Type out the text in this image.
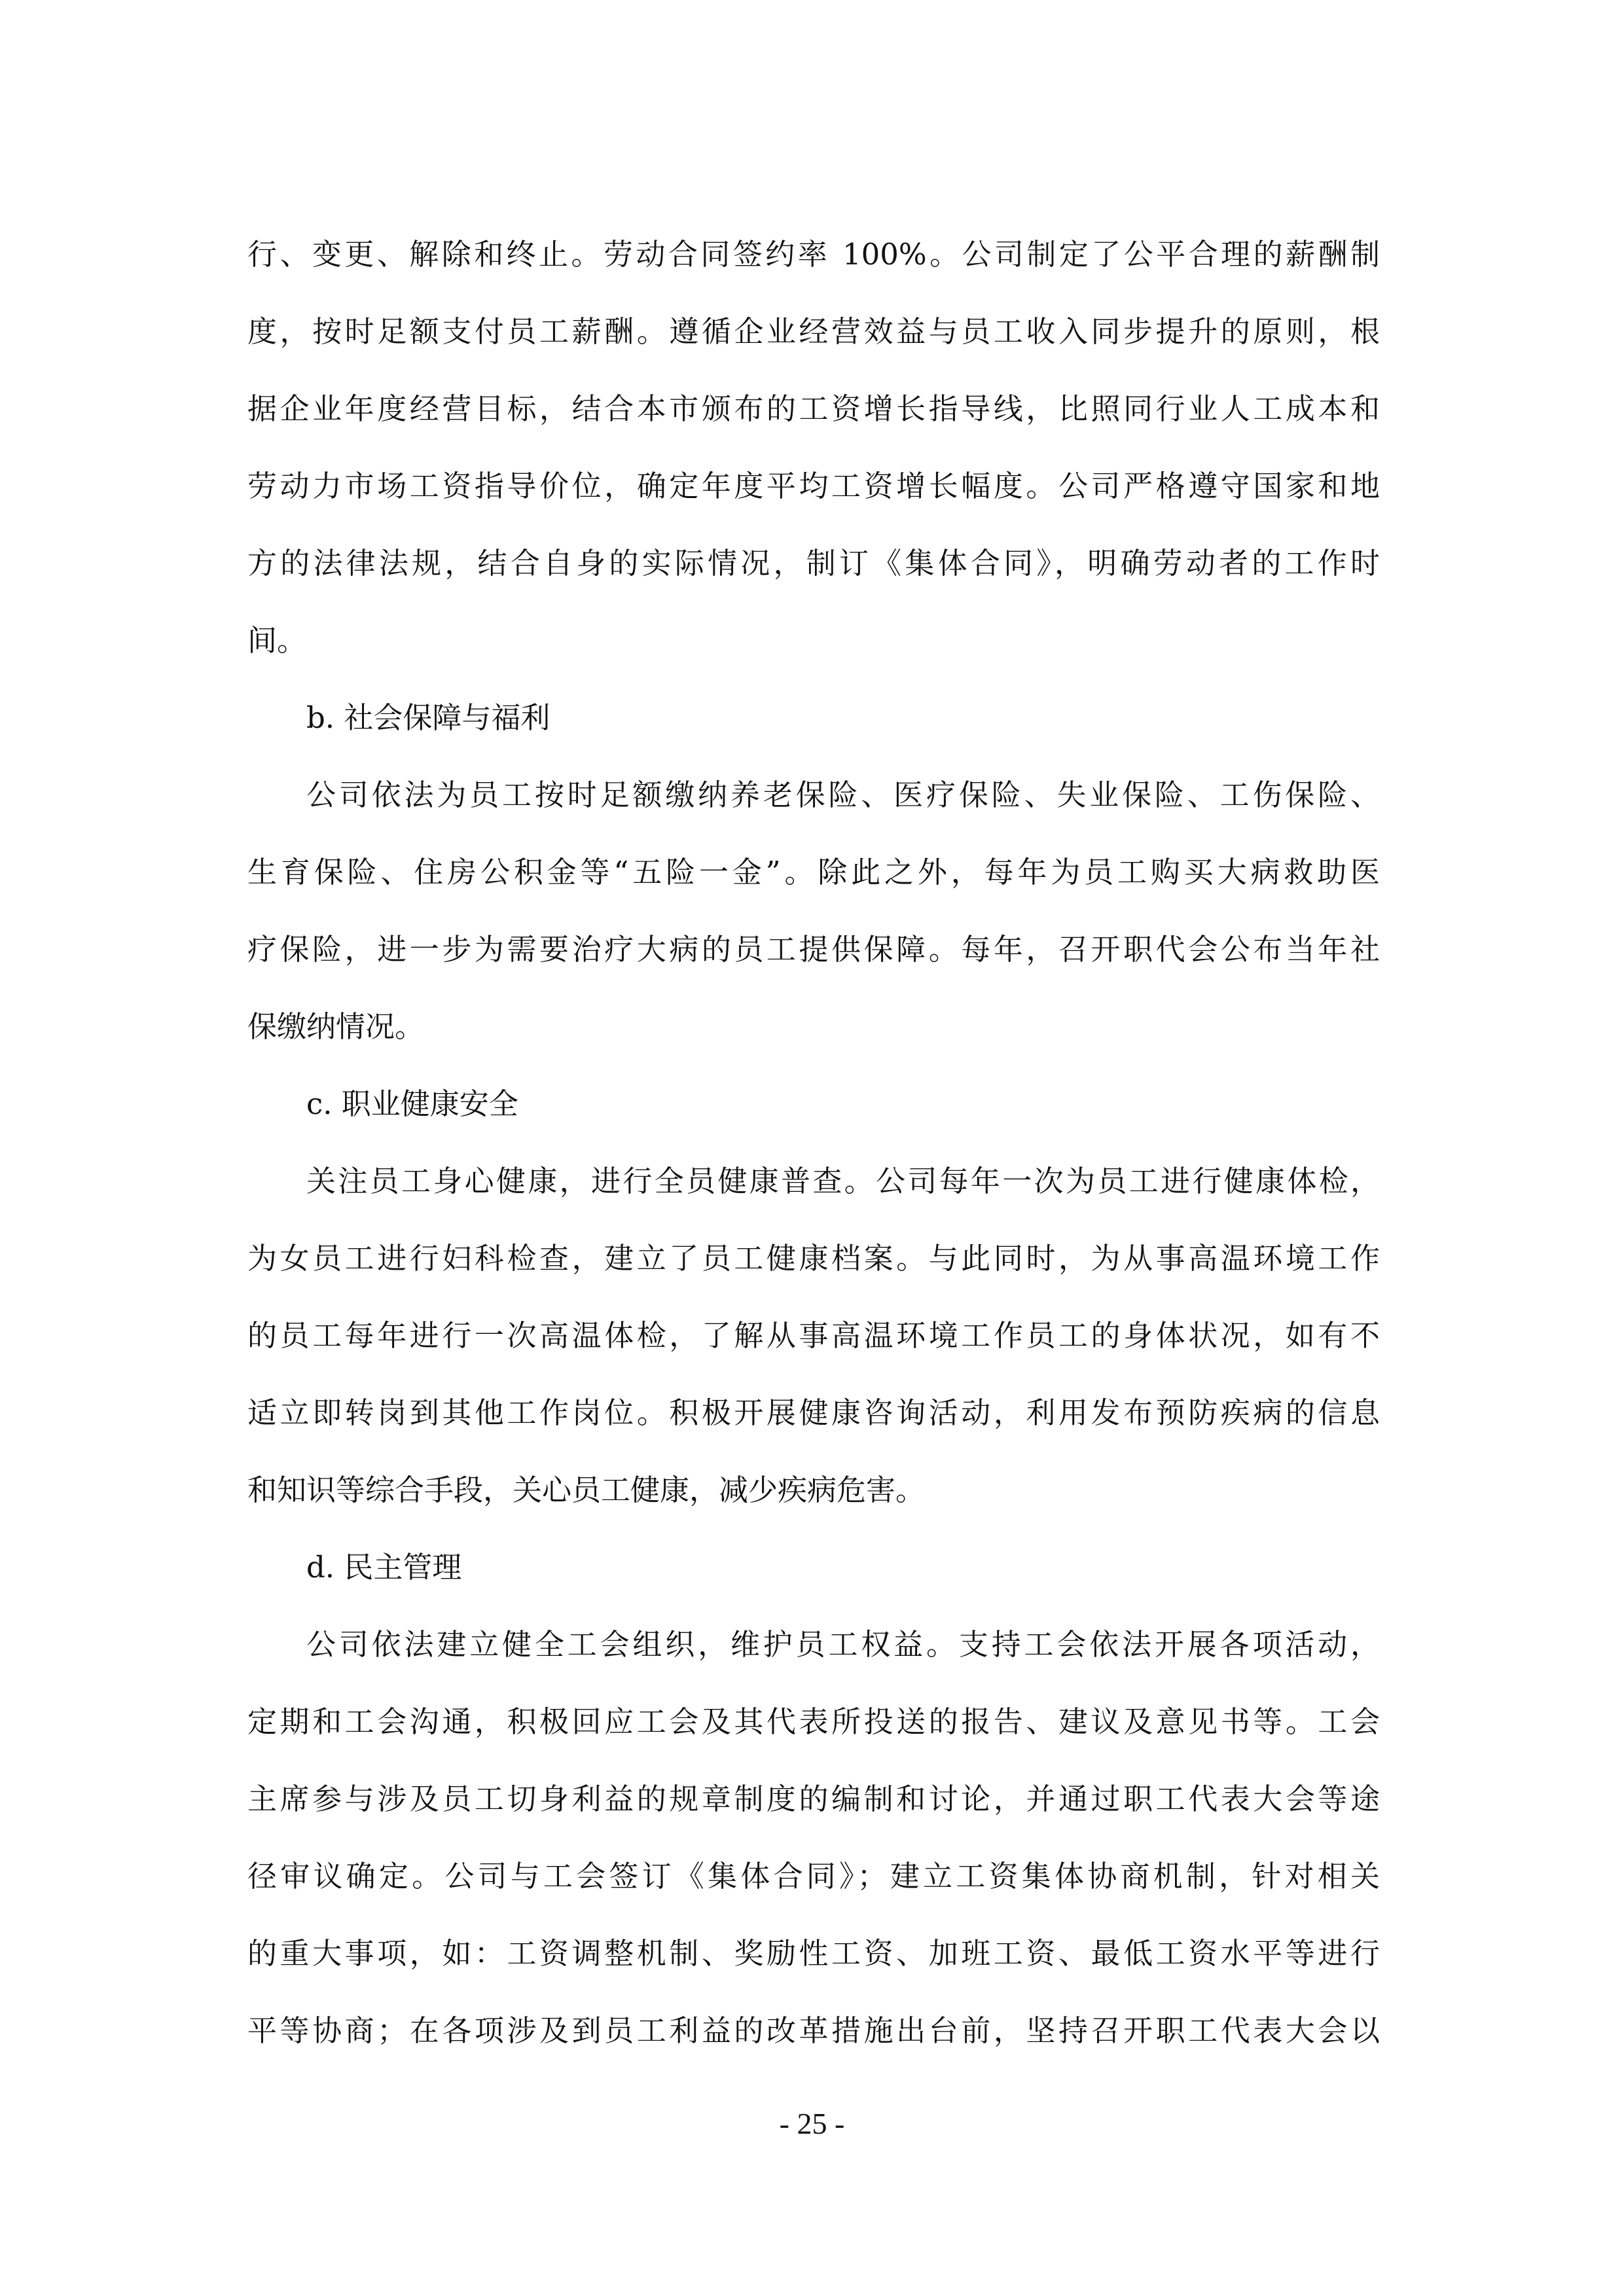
行、变更、解除和终止。劳动合同签约率 100%。公司制定了公平合理的薪酬制
度，按时足额支付员工薪酬。遵循企业经营效益与员工收入同步提升的原则，根
据企业年度经营目标，结合本市颁布的工资增长指导线，比照同行业人工成本和
劳动力市场工资指导价位，确定年度平均工资增长幅度。公司严格遵守国家和地
方的法律法规，结合自身的实际情况，制订《集体合同》，明确劳动者的工作时
间。
b. 社会保障与福利
公司依法为员工按时足额缴纳养老保险、医疗保险、失业保险、工伤保险、
生育保险、住房公积金等“五险一金”。除此之外，每年为员工购买大病救助医
疗保险，进一步为需要治疗大病的员工提供保障。每年，召开职代会公布当年社
保缴纳情况。
c. 职业健康安全
关注员工身心健康，进行全员健康普查。公司每年一次为员工进行健康体检，
为女员工进行妇科检查，建立了员工健康档案。与此同时，为从事高温环境工作
的员工每年进行一次高温体检，了解从事高温环境工作员工的身体状况，如有不
适立即转岗到其他工作岗位。积极开展健康咨询活动，利用发布预防疾病的信息
和知识等综合手段，关心员工健康，减少疾病危害。
d. 民主管理
公司依法建立健全工会组织，维护员工权益。支持工会依法开展各项活动，
定期和工会沟通，积极回应工会及其代表所投送的报告、建议及意见书等。工会
主席参与涉及员工切身利益的规章制度的编制和讨论，并通过职工代表大会等途
径审议确定。公司与工会签订《集体合同》；建立工资集体协商机制，针对相关
的重大事项，如：工资调整机制、奖励性工资、加班工资、最低工资水平等进行
平等协商；在各项涉及到员工利益的改革措施出台前，坚持召开职工代表大会以
- 25 -
